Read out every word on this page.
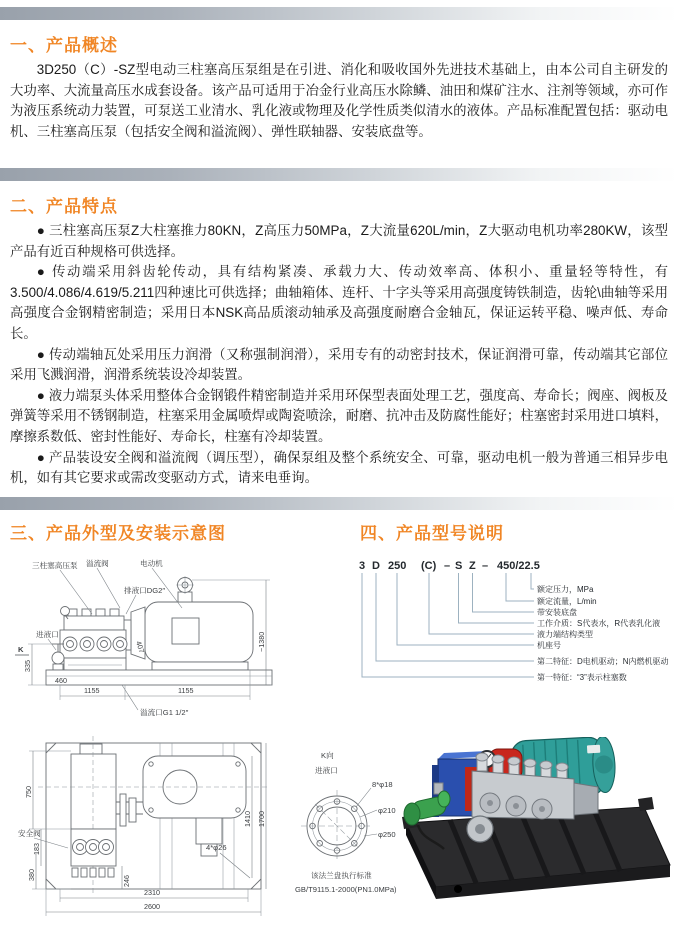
一、产品概述

3D250（C）-SZ型电动三柱塞高压泵组是在引进、消化和吸收国外先进技术基础上，由本公司自主研发的大功率、大流量高压水成套设备。该产品可适用于冶金行业高压水除鳞、油田和煤矿注水、注剂等领域，亦可作为液压系统动力装置，可泵送工业清水、乳化液或物理及化学性质类似清水的液体。产品标准配置包括：驱动电机、三柱塞高压泵（包括安全阀和溢流阀）、弹性联轴器、安装底盘等。

二、产品特点

● 三柱塞高压泵Z大柱塞推力80KN，Z高压力50MPa，Z大流量620L/min，Z大驱动电机功率280KW，该型产品有近百种规格可供选择。

● 传动端采用斜齿轮传动，具有结构紧凑、承载力大、传动效率高、体积小、重量轻等特性，有3.500/4.086/4.619/5.211四种速比可供选择；曲轴箱体、连杆、十字头等采用高强度铸铁制造，齿轮\曲轴等采用高强度合金钢精密制造；采用日本NSK高品质滚动轴承及高强度耐磨合金轴瓦，保证运转平稳、噪声低、寿命长。

● 传动端轴瓦处采用压力润滑（又称强制润滑），采用专有的动密封技术，保证润滑可靠，传动端其它部位采用飞溅润滑，润滑系统装设冷却装置。

● 液力端泵头体采用整体合金钢锻件精密制造并采用环保型表面处理工艺，强度高、寿命长；阀座、阀板及弹簧等采用不锈钢制造，柱塞采用金属喷焊或陶瓷喷涂，耐磨、抗冲击及防腐性能好；柱塞密封采用进口填料，摩擦系数低、密封性能好、寿命长，柱塞有冷却装置。

● 产品装设安全阀和溢流阀（调压型），确保泵组及整个系统安全、可靠，驱动电机一般为普通三相异步电机，如有其它要求或需改变驱动方式，请来电垂询。

三、产品外型及安装示意图	四、产品型号说明
三柱塞高压泵 溢流阀	电动机
排液口DG2″
进液口
K
溢流口G1 1/2″
1155	1155
~1380
335
460
407
安全阀
4*φ26
750
183
380	246
1410 1700
2310
2600
K向
进液口
8*φ18
φ210
φ250
该法兰盘执行标准
GB/T9115.1-2000(PN1.0MPa)
3 D 250 (C) – S Z – 450/22.5
额定压力，MPa
额定流量，L/min
带安装底盘
工作介质：S代表水，R代表乳化液
液力端结构类型
机座号
第二特征：D电机驱动；N内燃机驱动
第一特征：“3”表示柱塞数
